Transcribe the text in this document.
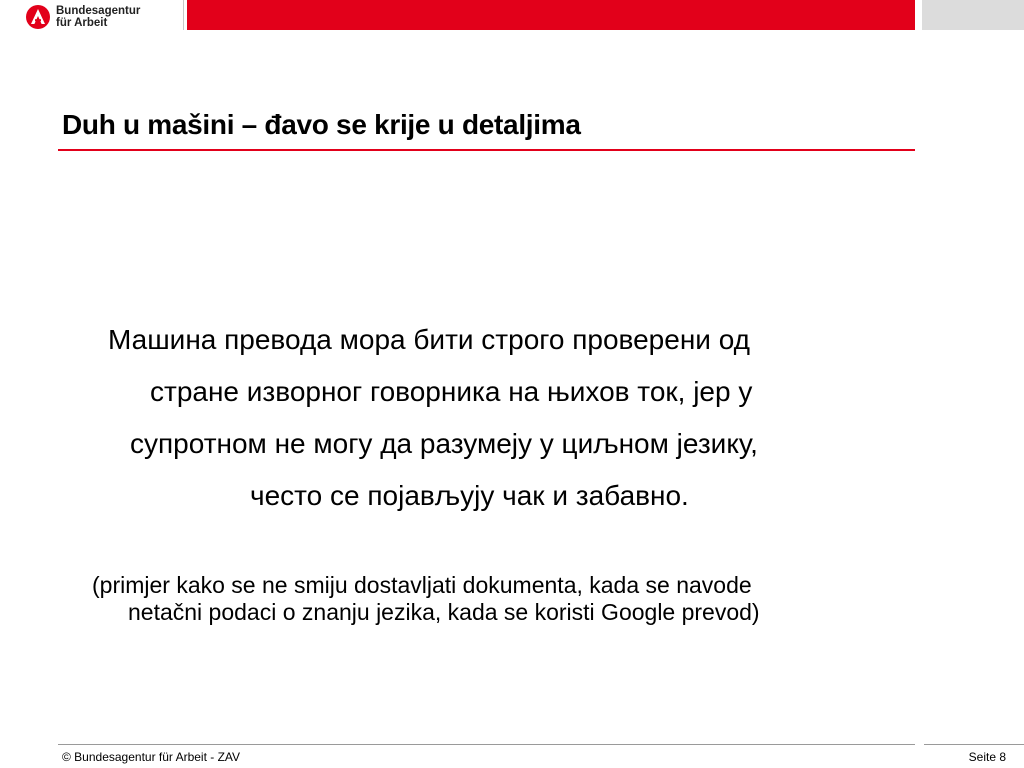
Bundesagentur
für Arbeit
Duh u mašini – đavo se krije u detaljima
Машина превода мора бити строго проверени од
стране изворног говорника на њихов ток, јер у
супротном не могу да разумеју у циљном језику,
често се појављују чак и забавно.
(primjer kako se ne smiju dostavljati dokumenta, kada se navode
netačni podaci o znanju jezika, kada se koristi Google prevod)
© Bundesagentur für Arbeit - ZAV	Seite 8
